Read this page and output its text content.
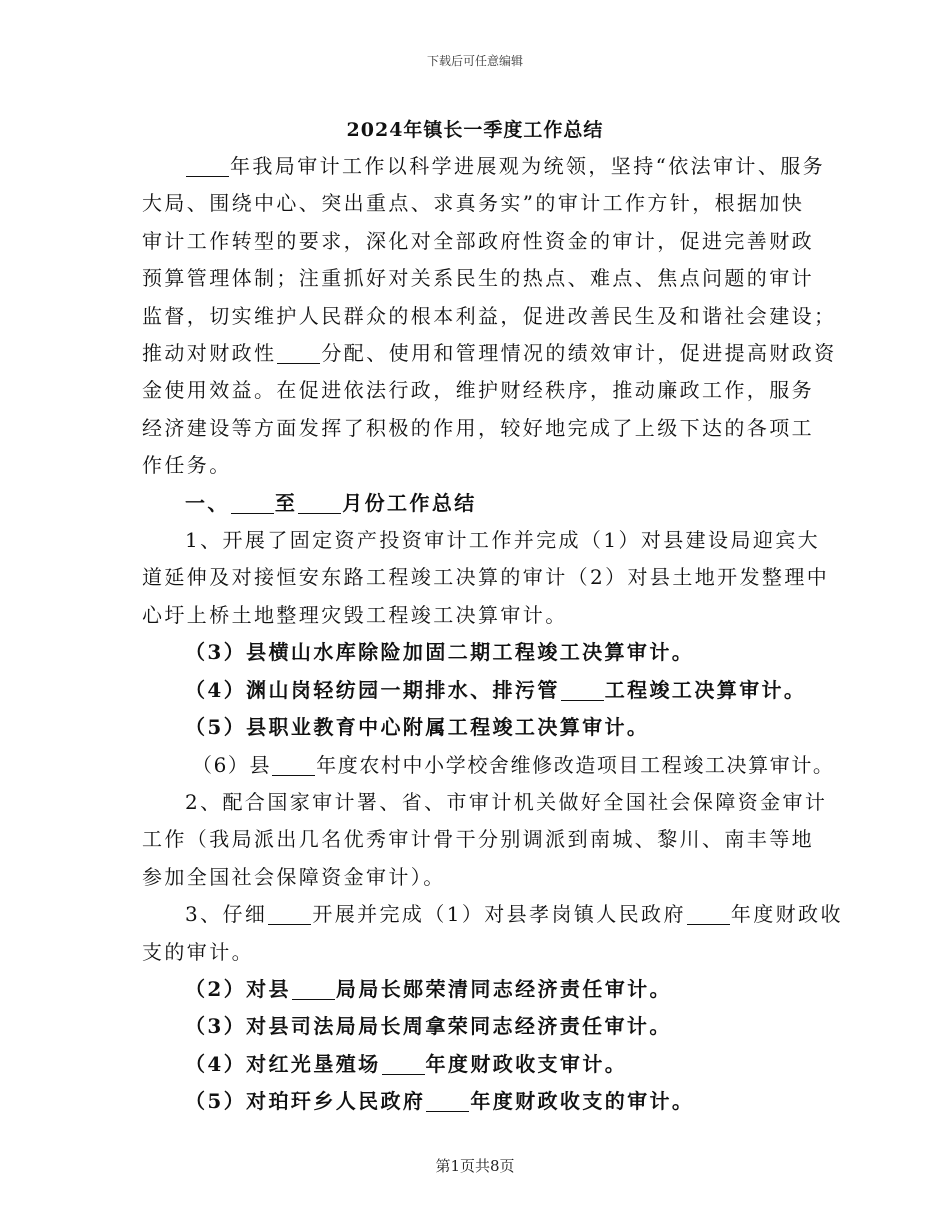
下载后可任意编辑
2024年镇长一季度工作总结
年我局审计工作以科学进展观为统领，坚持“依法审计、服务
大局、围绕中心、突出重点、求真务实”的审计工作方针，根据加快
审计工作转型的要求，深化对全部政府性资金的审计，促进完善财政
预算管理体制；注重抓好对关系民生的热点、难点、焦点问题的审计
监督，切实维护人民群众的根本利益，促进改善民生及和谐社会建设；
推动对财政性 分配、使用和管理情况的绩效审计，促进提高财政资
金使用效益。在促进依法行政，维护财经秩序，推动廉政工作，服务
经济建设等方面发挥了积极的作用，较好地完成了上级下达的各项工
作任务。
一、 至 月份工作总结
1、开展了固定资产投资审计工作并完成（1）对县建设局迎宾大
道延伸及对接恒安东路工程竣工决算的审计（2）对县土地开发整理中
心圩上桥土地整理灾毁工程竣工决算审计。
（3）县横山水库除险加固二期工程竣工决算审计。
（4）渊山岗轻纺园一期排水、排污管 工程竣工决算审计。
（5）县职业教育中心附属工程竣工决算审计。
（6）县 年度农村中小学校舍维修改造项目工程竣工决算审计。
2、配合国家审计署、省、市审计机关做好全国社会保障资金审计
工作（我局派出几名优秀审计骨干分别调派到南城、黎川、南丰等地
参加全国社会保障资金审计）。
3、仔细 开展并完成（1）对县孝岗镇人民政府 年度财政收
支的审计。
（2）对县 局局长郧荣清同志经济责任审计。
（3）对县司法局局长周拿荣同志经济责任审计。
（4）对红光垦殖场 年度财政收支审计。
（5）对珀玕乡人民政府 年度财政收支的审计。
第1页共8页
